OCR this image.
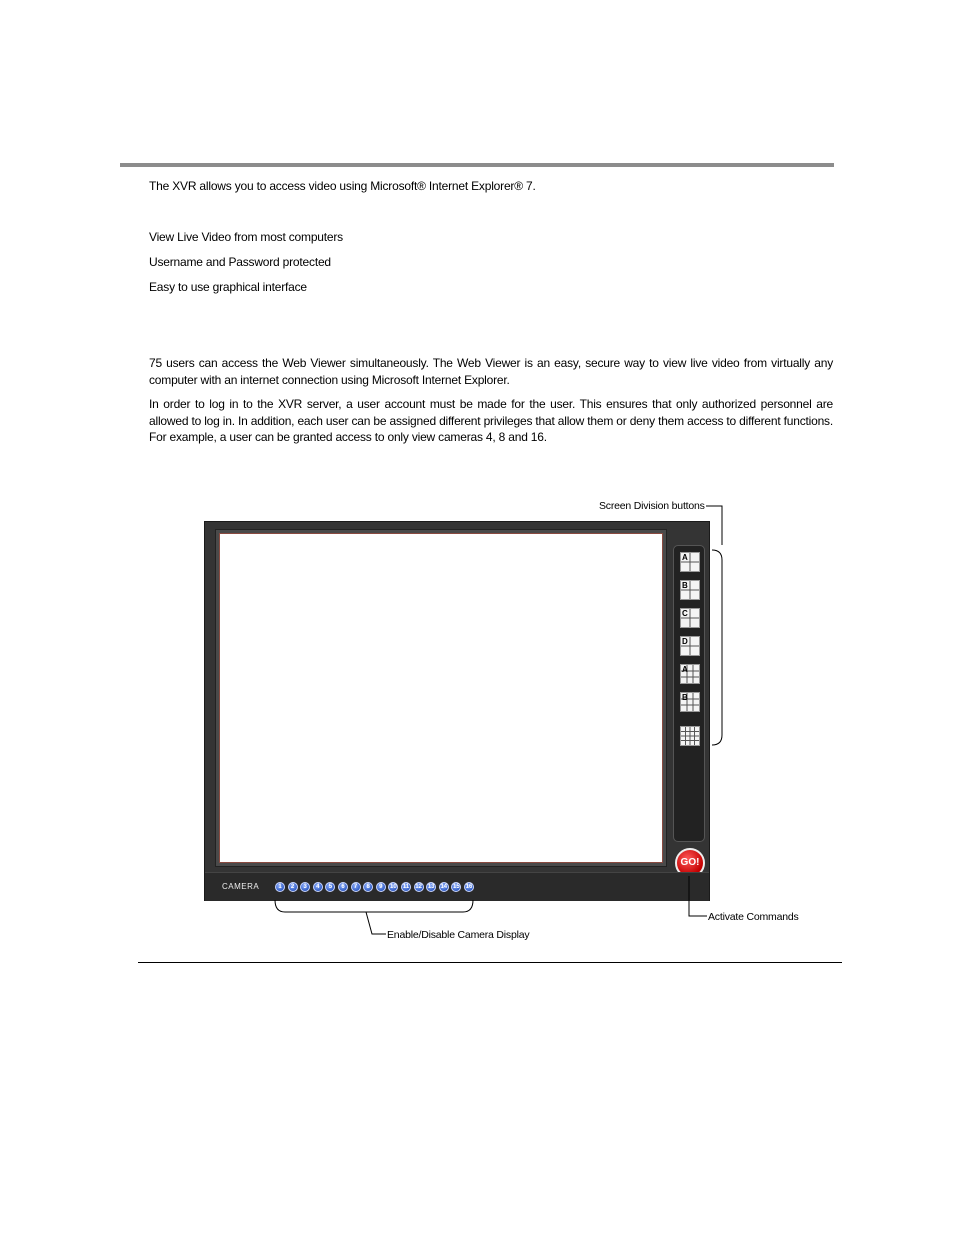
The XVR allows you to access video using Microsoft® Internet Explorer® 7.
View Live Video from most computers
Username and Password protected
Easy to use graphical interface
75 users can access the Web Viewer simultaneously. The Web Viewer is an easy, secure way to view live video from virtually any computer with an internet connection using Microsoft Internet Explorer.
In order to log in to the XVR server, a user account must be made for the user. This ensures that only authorized personnel are allowed to log in. In addition, each user can be assigned different privileges that allow them or deny them access to different functions. For example, a user can be granted access to only view cameras 4, 8 and 16.
Screen Division buttons
A
B
C
D
A
B
GO!
CAMERA	1	2	3	4	5	6	7	8	9	10	11	12 13 14 15 16
Activate Commands
Enable/Disable Camera Display
